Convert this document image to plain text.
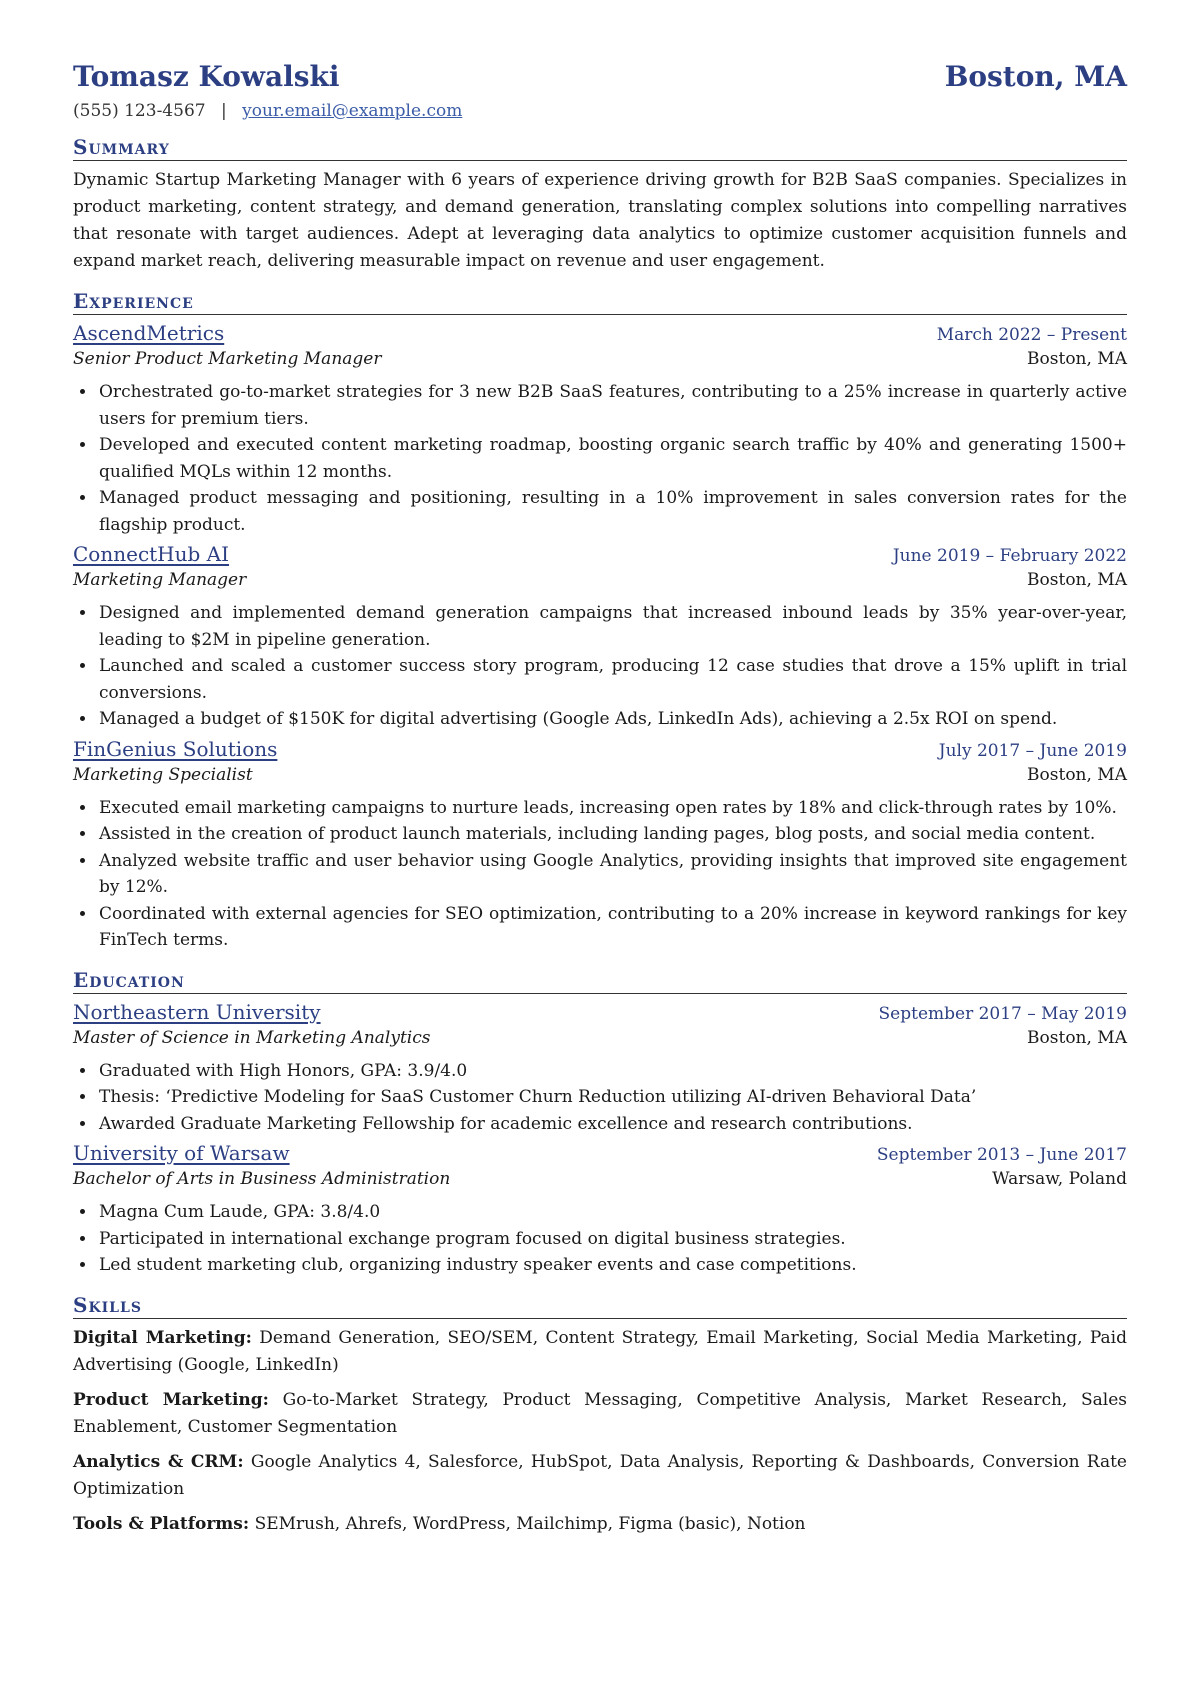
Tomasz Kowalski	Boston, MA
(555) 123-4567 | your.email@example.com
Summary
Dynamic Startup Marketing Manager with 6 years of experience driving growth for B2B SaaS companies. Specializes in product marketing, content strategy, and demand generation, translating complex solutions into compelling narratives that resonate with target audiences. Adept at leveraging data analytics to optimize customer acquisition funnels and expand market reach, delivering measurable impact on revenue and user engagement.
Experience
AscendMetrics	March 2022 – Present
Senior Product Marketing Manager	Boston, MA
• Orchestrated go-to-market strategies for 3 new B2B SaaS features, contributing to a 25% increase in quarterly active users for premium tiers.
• Developed and executed content marketing roadmap, boosting organic search traffic by 40% and generating 1500+ qualified MQLs within 12 months.
• Managed product messaging and positioning, resulting in a 10% improvement in sales conversion rates for the flagship product.
ConnectHub AI	June 2019 – February 2022
Marketing Manager	Boston, MA
• Designed and implemented demand generation campaigns that increased inbound leads by 35% year-over-year, leading to $2M in pipeline generation.
• Launched and scaled a customer success story program, producing 12 case studies that drove a 15% uplift in trial conversions.
• Managed a budget of $150K for digital advertising (Google Ads, LinkedIn Ads), achieving a 2.5x ROI on spend.
FinGenius Solutions	July 2017 – June 2019
Marketing Specialist	Boston, MA
• Executed email marketing campaigns to nurture leads, increasing open rates by 18% and click-through rates by 10%.
• Assisted in the creation of product launch materials, including landing pages, blog posts, and social media content.
• Analyzed website traffic and user behavior using Google Analytics, providing insights that improved site engagement by 12%.
• Coordinated with external agencies for SEO optimization, contributing to a 20% increase in keyword rankings for key FinTech terms.
Education
Northeastern University	September 2017 – May 2019
Master of Science in Marketing Analytics	Boston, MA
• Graduated with High Honors, GPA: 3.9/4.0
• Thesis: ‘Predictive Modeling for SaaS Customer Churn Reduction utilizing AI-driven Behavioral Data’
• Awarded Graduate Marketing Fellowship for academic excellence and research contributions.
University of Warsaw	September 2013 – June 2017
Bachelor of Arts in Business Administration	Warsaw, Poland
• Magna Cum Laude, GPA: 3.8/4.0
• Participated in international exchange program focused on digital business strategies.
• Led student marketing club, organizing industry speaker events and case competitions.
Skills
Digital Marketing: Demand Generation, SEO/SEM, Content Strategy, Email Marketing, Social Media Marketing, Paid Advertising (Google, LinkedIn)
Product Marketing: Go-to-Market Strategy, Product Messaging, Competitive Analysis, Market Research, Sales Enablement, Customer Segmentation
Analytics & CRM: Google Analytics 4, Salesforce, HubSpot, Data Analysis, Reporting & Dashboards, Conversion Rate Optimization
Tools & Platforms: SEMrush, Ahrefs, WordPress, Mailchimp, Figma (basic), Notion
